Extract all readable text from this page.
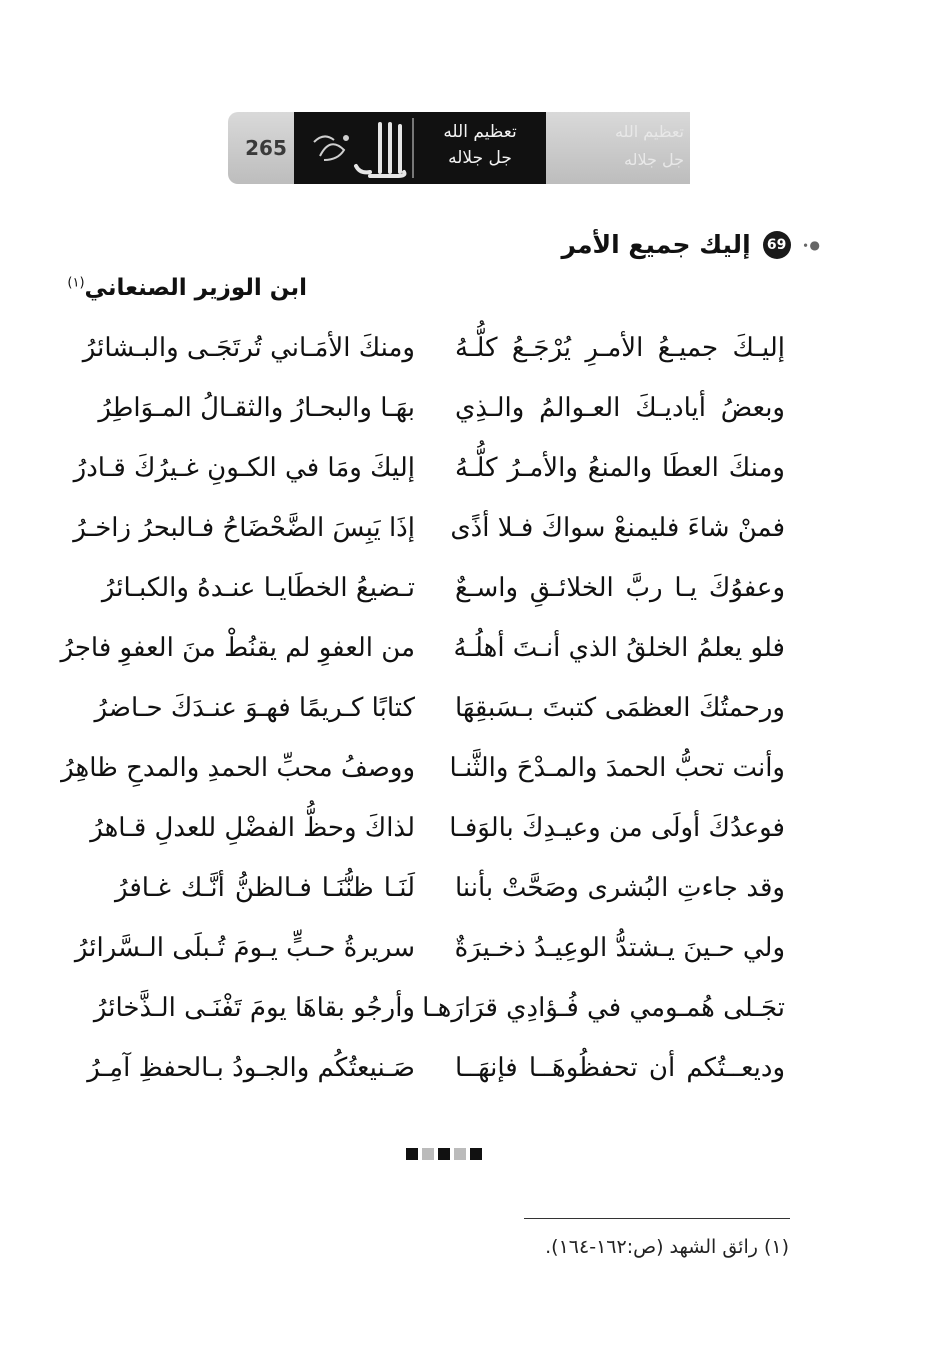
265
تعظيم الله
جل جلاله
تعظيم الله
جل جلاله
●∙
69
إليك جميع الأمر
ابن الوزير الصنعاني$^{(١)}$
إليـكَ جميـعُ الأمـرِ يُرْجَـعُ كلُّـهُ
ومنكَ الأمَـاني تُرتَجَـى والبـشائرُ
وبعضُ أياديـكَ العـوالمُ والـذِي
بهَـا والبحـارُ والثقـالُ المـوَاطِرُ
ومنكَ العطَا والمنعُ والأمـرُ كلُّـهُ
إليكَ ومَا في الكـونِ غـيرُكَ قـادرُ
فمنْ شاءَ فليمنعْ سواكَ فـلا أذًى
إذَا يَبِسَ الضَّحْضَاحُ فـالبحرُ زاخـرُ
وعفوُكَ يـا ربَّ الخلائـقِ واسـعٌ
تـضيعُ الخطَايـا عنـدهُ والكبـائرُ
فلو يعلمُ الخلقُ الذي أنـتَ أهلُـهُ
من العفوِ لم يقنُطْ منَ العفوِ فاجرُ
ورحمتُكَ العظمَى كتبتَ بـسَبقِهَا
كتابًا كـريمًا فهـوَ عنـدَكَ حـاضرُ
وأنت تحبُّ الحمدَ والمـدْحَ والثَّنـا
ووصفُ محبِّ الحمدِ والمدحِ ظاهِرُ
فوعدُكَ أولَى من وعيـدِكَ بالوَفـا
لذاكَ وحظُّ الفضْلِ للعدلِ قـاهرُ
وقد جاءتِ البُشرى وصَحَّتْ بأننا
لَنَـا ظنُّنَـا فـالظنُّ أنَّـك غـافرُ
ولي حـينَ يـشتدُّ الوعِيـدُ ذخـيرَةٌ
سريرةُ حـبٍّ يـومَ تُـبلَى الـسَّرائرُ
تجَـلى هُمـومي في فُـؤادِي قرَارَهـا
وأرجُو بقاهَا يومَ تَفْنَـى الـذَّخائرُ
وديعــتُكم أن تحفظُوهَــا فإنهَــا
صَـنيعتُكُم والجـودُ بـالحفظِ آمِـرُ
(١) رائق الشهد (ص:١٦٢-١٦٤).
